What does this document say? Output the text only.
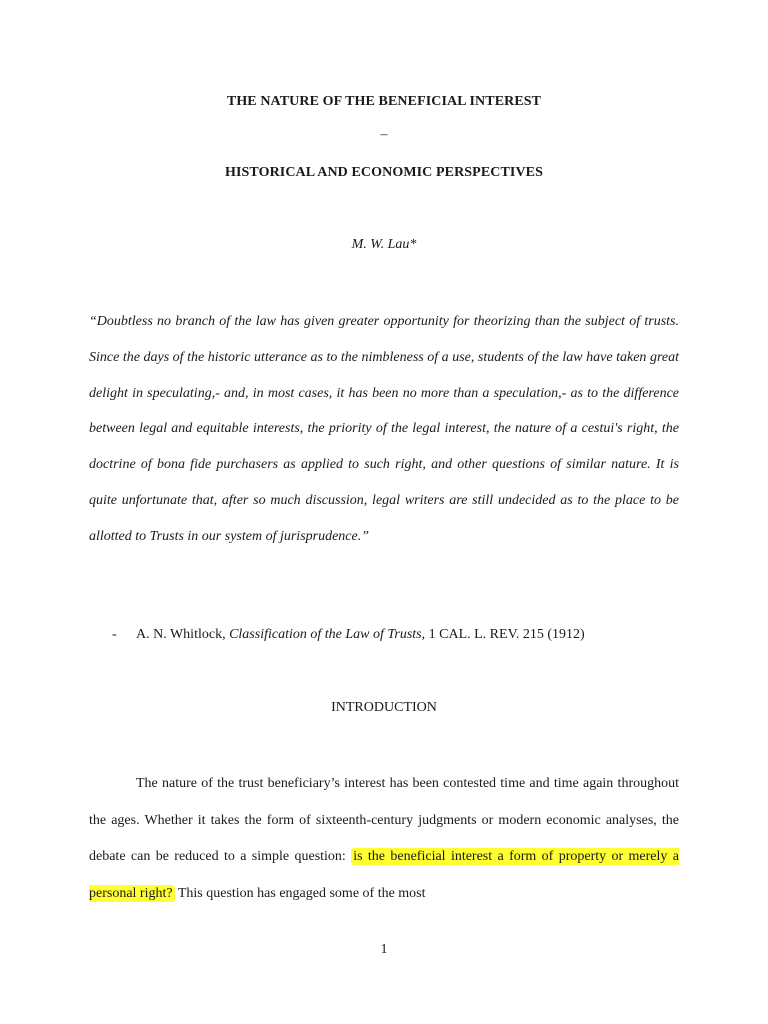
THE NATURE OF THE BENEFICIAL INTEREST
–
HISTORICAL AND ECONOMIC PERSPECTIVES
M. W. Lau*
“Doubtless no branch of the law has given greater opportunity for theorizing than the subject of trusts. Since the days of the historic utterance as to the nimbleness of a use, students of the law have taken great delight in speculating,- and, in most cases, it has been no more than a speculation,- as to the difference between legal and equitable interests, the priority of the legal interest, the nature of a cestui's right, the doctrine of bona fide purchasers as applied to such right, and other questions of similar nature. It is quite unfortunate that, after so much discussion, legal writers are still undecided as to the place to be allotted to Trusts in our system of jurisprudence.”
- A. N. Whitlock, Classification of the Law of Trusts, 1 CAL. L. REV. 215 (1912)
INTRODUCTION
The nature of the trust beneficiary’s interest has been contested time and time again throughout the ages. Whether it takes the form of sixteenth-century judgments or modern economic analyses, the debate can be reduced to a simple question: is the beneficial interest a form of property or merely a personal right? This question has engaged some of the most
1
